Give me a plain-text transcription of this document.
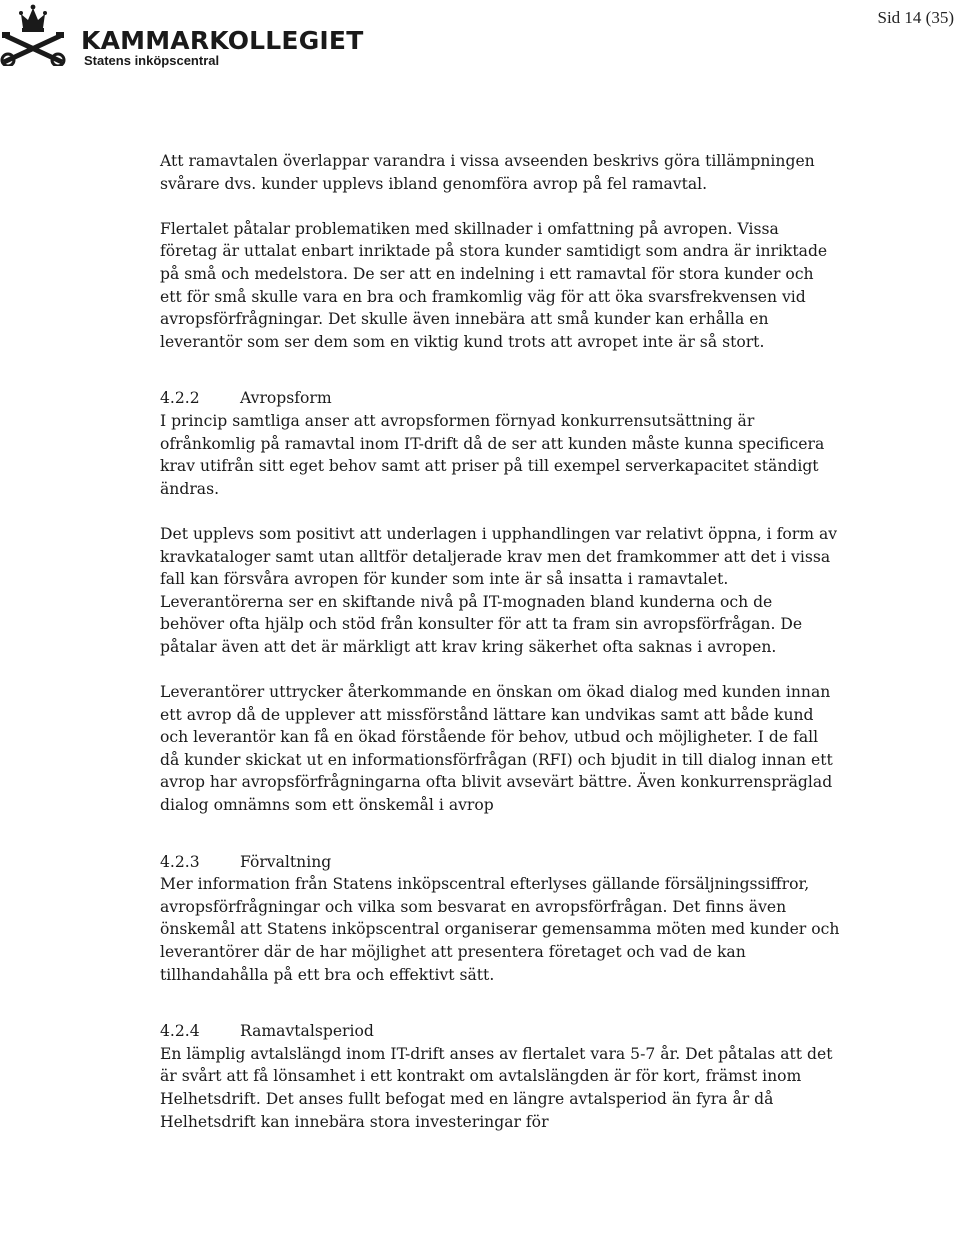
KAMMARKOLLEGIET
Statens inköpscentral
Sid 14 (35)

Att ramavtalen överlappar varandra i vissa avseenden beskrivs göra tillämpningen svårare dvs. kunder upplevs ibland genomföra avrop på fel ramavtal.

Flertalet påtalar problematiken med skillnader i omfattning på avropen. Vissa företag är uttalat enbart inriktade på stora kunder samtidigt som andra är inriktade på små och medelstora. De ser att en indelning i ett ramavtal för stora kunder och ett för små skulle vara en bra och framkomlig väg för att öka svarsfrekvensen vid avropsförfrågningar. Det skulle även innebära att små kunder kan erhålla en leverantör som ser dem som en viktig kund trots att avropet inte är så stort.

4.2.2	Avropsform

I princip samtliga anser att avropsformen förnyad konkurrensutsättning är ofrånkomlig på ramavtal inom IT-drift då de ser att kunden måste kunna specificera krav utifrån sitt eget behov samt att priser på till exempel serverkapacitet ständigt ändras.

Det upplevs som positivt att underlagen i upphandlingen var relativt öppna, i form av kravkataloger samt utan alltför detaljerade krav men det framkommer att det i vissa fall kan försvåra avropen för kunder som inte är så insatta i ramavtalet. Leverantörerna ser en skiftande nivå på IT-mognaden bland kunderna och de behöver ofta hjälp och stöd från konsulter för att ta fram sin avropsförfrågan. De påtalar även att det är märkligt att krav kring säkerhet ofta saknas i avropen.

Leverantörer uttrycker återkommande en önskan om ökad dialog med kunden innan ett avrop då de upplever att missförstånd lättare kan undvikas samt att både kund och leverantör kan få en ökad förstående för behov, utbud och möjligheter. I de fall då kunder skickat ut en informationsförfrågan (RFI) och bjudit in till dialog innan ett avrop har avropsförfrågningarna ofta blivit avsevärt bättre. Även konkurrenspräglad dialog omnämns som ett önskemål i avrop

4.2.3	Förvaltning

Mer information från Statens inköpscentral efterlyses gällande försäljningssiffror, avropsförfrågningar och vilka som besvarat en avropsförfrågan. Det finns även önskemål att Statens inköpscentral organiserar gemensamma möten med kunder och leverantörer där de har möjlighet att presentera företaget och vad de kan tillhandahålla på ett bra och effektivt sätt.

4.2.4	Ramavtalsperiod

En lämplig avtalslängd inom IT-drift anses av flertalet vara 5-7 år. Det påtalas att det är svårt att få lönsamhet i ett kontrakt om avtalslängden är för kort, främst inom Helhetsdrift. Det anses fullt befogat med en längre avtalsperiod än fyra år då Helhetsdrift kan innebära stora investeringar för
